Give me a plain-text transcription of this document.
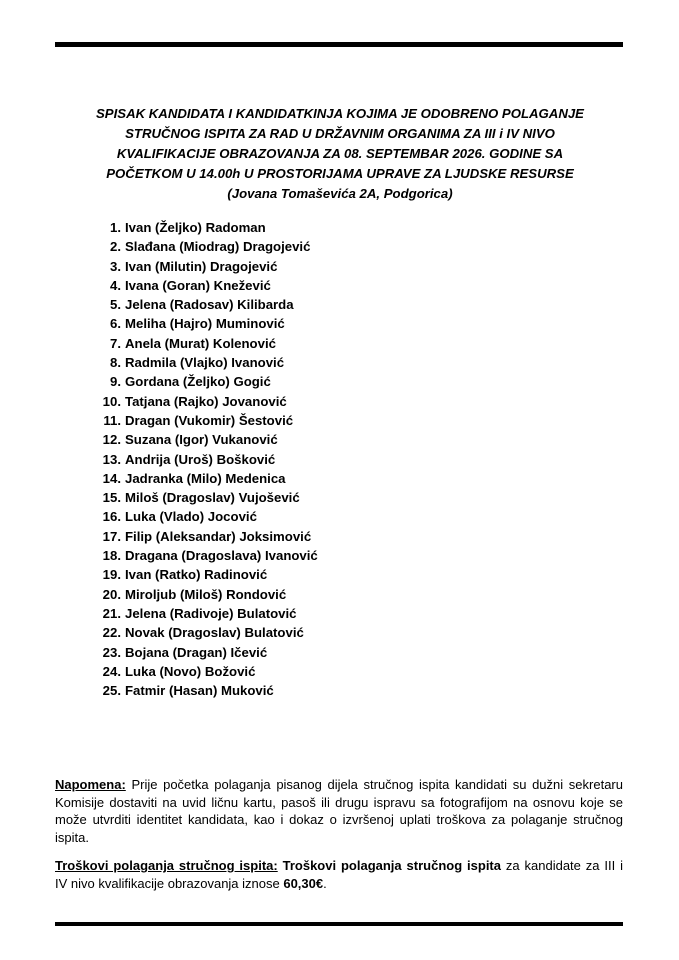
SPISAK KANDIDATA I KANDIDATKINJA KOJIMA JE ODOBRENO POLAGANJE
STRUČNOG ISPITA ZA RAD U DRŽAVNIM ORGANIMA ZA III i IV NIVO
KVALIFIKACIJE OBRAZOVANJA ZA 08. SEPTEMBAR 2026. GODINE SA
POČETKOM U 14.00h U PROSTORIJAMA UPRAVE ZA LJUDSKE RESURSE
(Jovana Tomaševića 2A, Podgorica)
1. Ivan (Željko) Radoman
2. Slađana (Miodrag) Dragojević
3. Ivan (Milutin) Dragojević
4. Ivana (Goran) Knežević
5. Jelena (Radosav) Kilibarda
6. Meliha (Hajro) Muminović
7. Anela (Murat) Kolenović
8. Radmila (Vlajko) Ivanović
9. Gordana (Željko) Gogić
10. Tatjana (Rajko) Jovanović
11. Dragan (Vukomir) Šestović
12. Suzana (Igor) Vukanović
13. Andrija (Uroš) Bošković
14. Jadranka (Milo) Medenica
15. Miloš (Dragoslav) Vujošević
16. Luka (Vlado) Jocović
17. Filip (Aleksandar) Joksimović
18. Dragana (Dragoslava) Ivanović
19. Ivan (Ratko) Radinović
20. Miroljub (Miloš) Rondović
21. Jelena (Radivoje) Bulatović
22. Novak (Dragoslav) Bulatović
23. Bojana (Dragan) Ičević
24. Luka (Novo) Božović
25. Fatmir (Hasan) Muković
Napomena: Prije početka polaganja pisanog dijela stručnog ispita kandidati su dužni sekretaru Komisije dostaviti na uvid ličnu kartu, pasoš ili drugu ispravu sa fotografijom na osnovu koje se može utvrditi identitet kandidata, kao i dokaz o izvršenoj uplati troškova za polaganje stručnog ispita.
Troškovi polaganja stručnog ispita: Troškovi polaganja stručnog ispita za kandidate za III i IV nivo kvalifikacije obrazovanja iznose 60,30€.
